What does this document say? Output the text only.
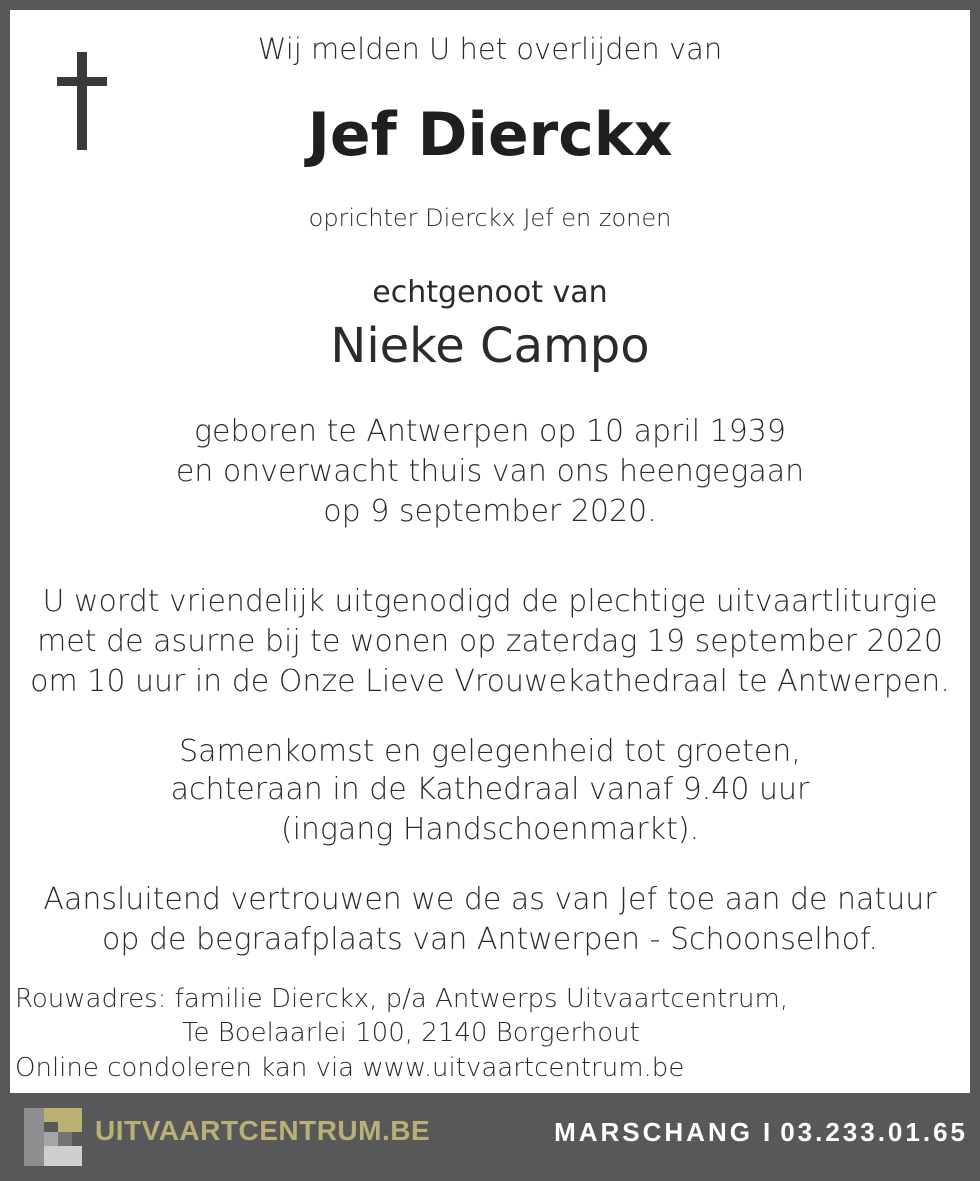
Wij melden U het overlijden van
Jef Dierckx
oprichter Dierckx Jef en zonen
echtgenoot van
Nieke Campo
geboren te Antwerpen op 10 april 1939
en onverwacht thuis van ons heengegaan
op 9 september 2020.
U wordt vriendelijk uitgenodigd de plechtige uitvaartliturgie
met de asurne bij te wonen op zaterdag 19 september 2020
om 10 uur in de Onze Lieve Vrouwekathedraal te Antwerpen.
Samenkomst en gelegenheid tot groeten,
achteraan in de Kathedraal vanaf 9.40 uur
(ingang Handschoenmarkt).
Aansluitend vertrouwen we de as van Jef toe aan de natuur
op de begraafplaats van Antwerpen - Schoonselhof.
Rouwadres: familie Dierckx, p/a Antwerps Uitvaartcentrum,
Te Boelaarlei 100, 2140 Borgerhout
Online condoleren kan via www.uitvaartcentrum.be
UITVAARTCENTRUM.BE	MARSCHANG I 03.233.01.65
